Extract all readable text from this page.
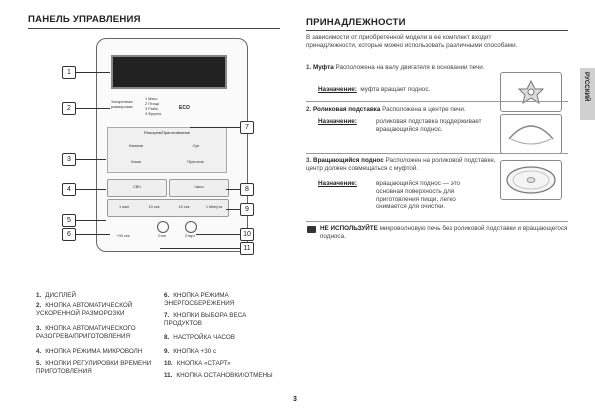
ПАНЕЛЬ УПРАВЛЕНИЯ
Ускоренная разморозка
1 Мясо
2 Птица
3 Рыба
4 Фрукты
ECO
Разогрев/Приготовление
Напитки	Суп
Каша	Приготов.
СВЧ	Часы
1 мин	10 сек	15 сек	1 Минута
+30 сек	Стоп	Старт
1
2
3
4
5
6
7
8
9
10
11
1. ДИСПЛЕЙ
2. КНОПКА АВТОМАТИЧЕСКОЙ УСКОРЕННОЙ РАЗМОРОЗКИ
3. КНОПКА АВТОМАТИЧЕСКОГО РАЗОГРЕВА/ПРИГОТОВЛЕНИЯ
4. КНОПКА РЕЖИМА МИКРОВОЛН
5. КНОПКИ РЕГУЛИРОВКИ ВРЕМЕНИ ПРИГОТОВЛЕНИЯ
6. КНОПКА РЕЖИМА ЭНЕРГОСБЕРЕЖЕНИЯ
7. КНОПКИ ВЫБОРА ВЕСА ПРОДУКТОВ
8. НАСТРОЙКА ЧАСОВ
9. КНОПКА +30 с
10. КНОПКА «СТАРТ»
11. КНОПКА ОСТАНОВКИ/ОТМЕНЫ
ПРИНАДЛЕЖНОСТИ
В зависимости от приобретенной модели в ее комплект входит принадлежности, которые можно использовать различными способами.
1. Муфта Расположена на валу двигателя в основании печи.
Назначение: муфта вращает поднос.
2. Роликовая подставка Расположена в центре печи.
Назначение:	роликовая подставка поддерживает вращающийся поднос.
3. Вращающийся поднос Расположен на роликовой подставке, центр должен совмещаться с муфтой.
Назначение:	вращающийся поднос — это основная поверхность для приготовления пищи, легко снимается для очистки.
НЕ ИСПОЛЬЗУЙТЕ микроволновую печь без роликовой подставки и вращающегося подноса.
РУССКИЙ
3
